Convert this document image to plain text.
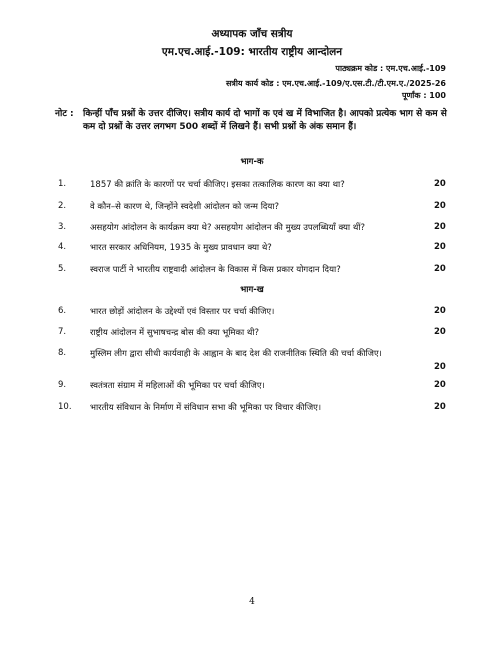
अध्यापक जाँच सत्रीय
एम.एच.आई.-109: भारतीय राष्ट्रीय आन्दोलन
पाठ्यक्रम कोड : एम.एच.आई.-109
सत्रीय कार्य कोड : एम.एच.आई.-109/ए.एस.टी./टी.एम.ए./2025-26
पूर्णांक : 100
नोट : किन्हीं पाँच प्रश्नों के उत्तर दीजिए। सत्रीय कार्य दो भागों क एवं ख में विभाजित है। आपको प्रत्येक भाग से कम से कम दो प्रश्नों के उत्तर लगभग 500 शब्दों में लिखने हैं। सभी प्रश्नों के अंक समान हैं।
भाग-क
1.	1857 की क्रांति के कारणों पर चर्चा कीजिए। इसका तत्कालिक कारण का क्या था?	20
2.	वे कौन–से कारण थे, जिन्होंने स्वदेशी आंदोलन को जन्म दिया?	20
3.	असहयोग आंदोलन के कार्यक्रम क्या थे? असहयोग आंदोलन की मुख्य उपलब्धियाँ क्या थीं?	20
4.	भारत सरकार अधिनियम, 1935 के मुख्य प्रावधान क्या थे?	20
5.	स्वराज पार्टी ने भारतीय राष्ट्रवादी आंदोलन के विकास में किस प्रकार योगदान दिया?	20
भाग-ख
6.	भारत छोड़ों आंदोलन के उद्देश्यों एवं विस्तार पर चर्चा कीजिए।	20
7.	राष्ट्रीय आंदोलन में सुभाषचन्द्र बोस की क्या भूमिका थी?	20
8.	मुस्लिम लीग द्वारा सीधी कार्यवाही के आह्वान के बाद देश की राजनीतिक स्थिति की चर्चा कीजिए।
20
9.	स्वतंत्रता संग्राम में महिलाओं की भूमिका पर चर्चा कीजिए।	20
10. भारतीय संविधान के निर्माण में संविधान सभा की भूमिका पर विचार कीजिए।	20
4
